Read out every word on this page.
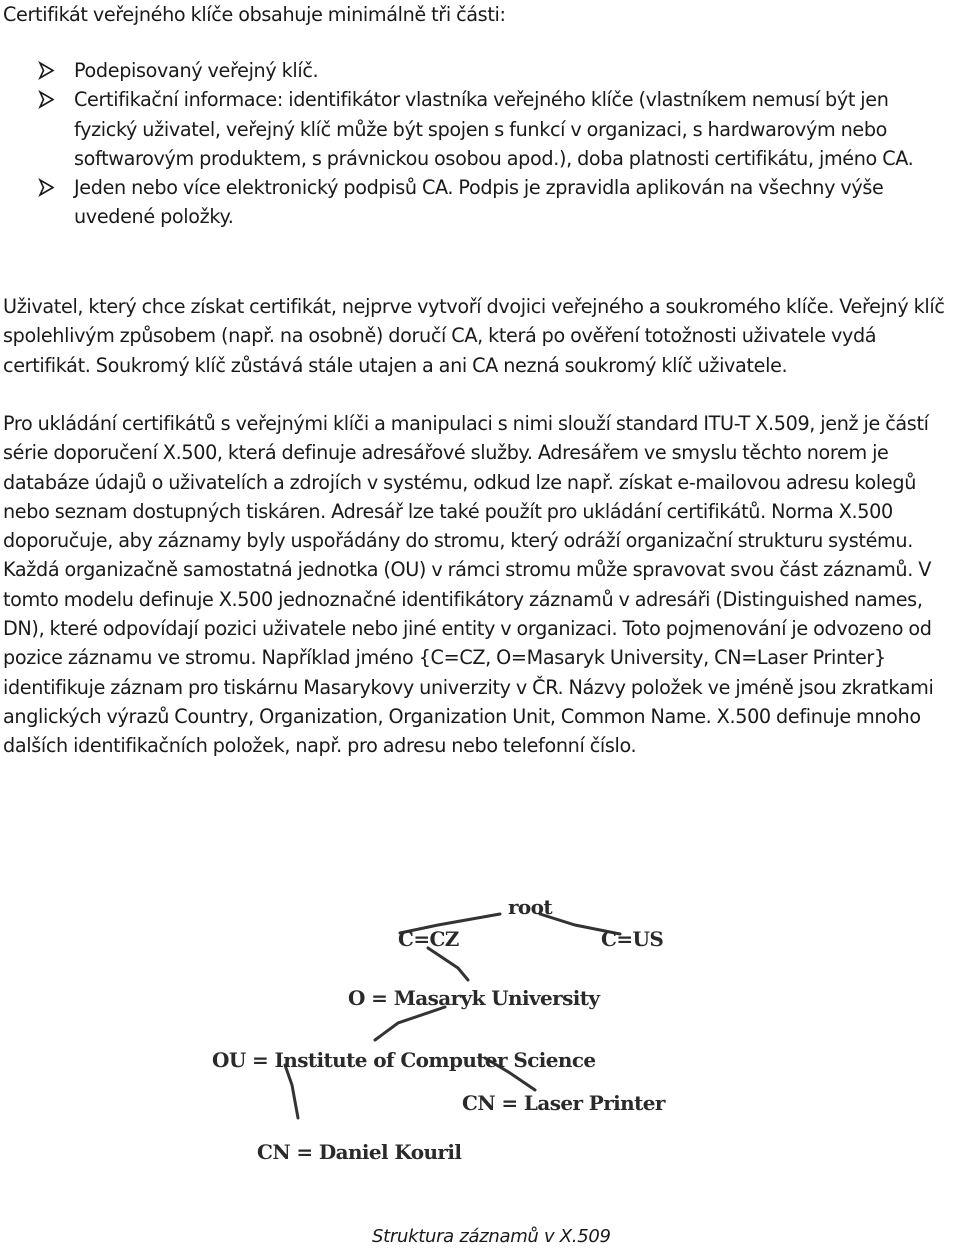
Certifikát veřejného klíče obsahuje minimálně tři části:

Podepisovaný veřejný klíč.
Certifikační informace: identifikátor vlastníka veřejného klíče (vlastníkem nemusí být jen fyzický uživatel, veřejný klíč může být spojen s funkcí v organizaci, s hardwarovým nebo softwarovým produktem, s právnickou osobou apod.), doba platnosti certifikátu, jméno CA.
Jeden nebo více elektronický podpisů CA. Podpis je zpravidla aplikován na všechny výše uvedené položky.

Uživatel, který chce získat certifikát, nejprve vytvoří dvojici veřejného a soukromého klíče. Veřejný klíč spolehlivým způsobem (např. na osobně) doručí CA, která po ověření totožnosti uživatele vydá certifikát. Soukromý klíč zůstává stále utajen a ani CA nezná soukromý klíč uživatele.

Pro ukládání certifikátů s veřejnými klíči a manipulaci s nimi slouží standard ITU-T X.509, jenž je částí série doporučení X.500, která definuje adresářové služby. Adresářem ve smyslu těchto norem je databáze údajů o uživatelích a zdrojích v systému, odkud lze např. získat e-mailovou adresu kolegů nebo seznam dostupných tiskáren. Adresář lze také použít pro ukládání certifikátů. Norma X.500 doporučuje, aby záznamy byly uspořádány do stromu, který odráží organizační strukturu systému. Každá organizačně samostatná jednotka (OU) v rámci stromu může spravovat svou část záznamů. V tomto modelu definuje X.500 jednoznačné identifikátory záznamů v adresáři (Distinguished names, DN), které odpovídají pozici uživatele nebo jiné entity v organizaci. Toto pojmenování je odvozeno od pozice záznamu ve stromu. Například jméno {C=CZ, O=Masaryk University, CN=Laser Printer} identifikuje záznam pro tiskárnu Masarykovy univerzity v ČR. Názvy položek ve jméně jsou zkratkami anglických výrazů Country, Organization, Organization Unit, Common Name. X.500 definuje mnoho dalších identifikačních položek, např. pro adresu nebo telefonní číslo.

root
C=CZ	C=US
O = Masaryk University
OU = Institute of Computer Science
CN = Laser Printer
CN = Daniel Kouril
Struktura záznamů v X.509
